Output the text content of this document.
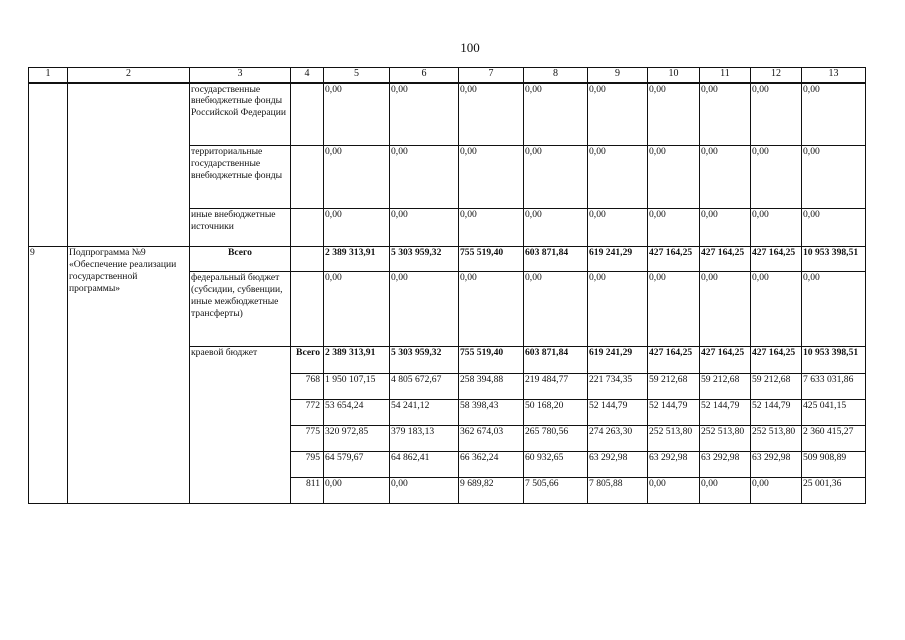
100
1	2	3	4	5	6	7	8	9	10	11	12	13
		государственные внебюджетные фонды Российской Федерации		0,00	0,00	0,00	0,00	0,00	0,00	0,00	0,00	0,00
		территориальные государственные внебюджетные фонды		0,00	0,00	0,00	0,00	0,00	0,00	0,00	0,00	0,00
		иные внебюджетные источники		0,00	0,00	0,00	0,00	0,00	0,00	0,00	0,00	0,00
9	Подпрограмма №9 «Обеспечение реализации государственной программы»	Всего		2 389 313,91	5 303 959,32	755 519,40	603 871,84	619 241,29	427 164,25	427 164,25	427 164,25	10 953 398,51
		федеральный бюджет (субсидии, субвенции, иные межбюджетные трансферты)		0,00	0,00	0,00	0,00	0,00	0,00	0,00	0,00	0,00
		краевой бюджет	Всего	2 389 313,91	5 303 959,32	755 519,40	603 871,84	619 241,29	427 164,25	427 164,25	427 164,25	10 953 398,51
			768	1 950 107,15	4 805 672,67	258 394,88	219 484,77	221 734,35	59 212,68	59 212,68	59 212,68	7 633 031,86
			772	53 654,24	54 241,12	58 398,43	50 168,20	52 144,79	52 144,79	52 144,79	52 144,79	425 041,15
			775	320 972,85	379 183,13	362 674,03	265 780,56	274 263,30	252 513,80	252 513,80	252 513,80	2 360 415,27
			795	64 579,67	64 862,41	66 362,24	60 932,65	63 292,98	63 292,98	63 292,98	63 292,98	509 908,89
			811	0,00	0,00	9 689,82	7 505,66	7 805,88	0,00	0,00	0,00	25 001,36
